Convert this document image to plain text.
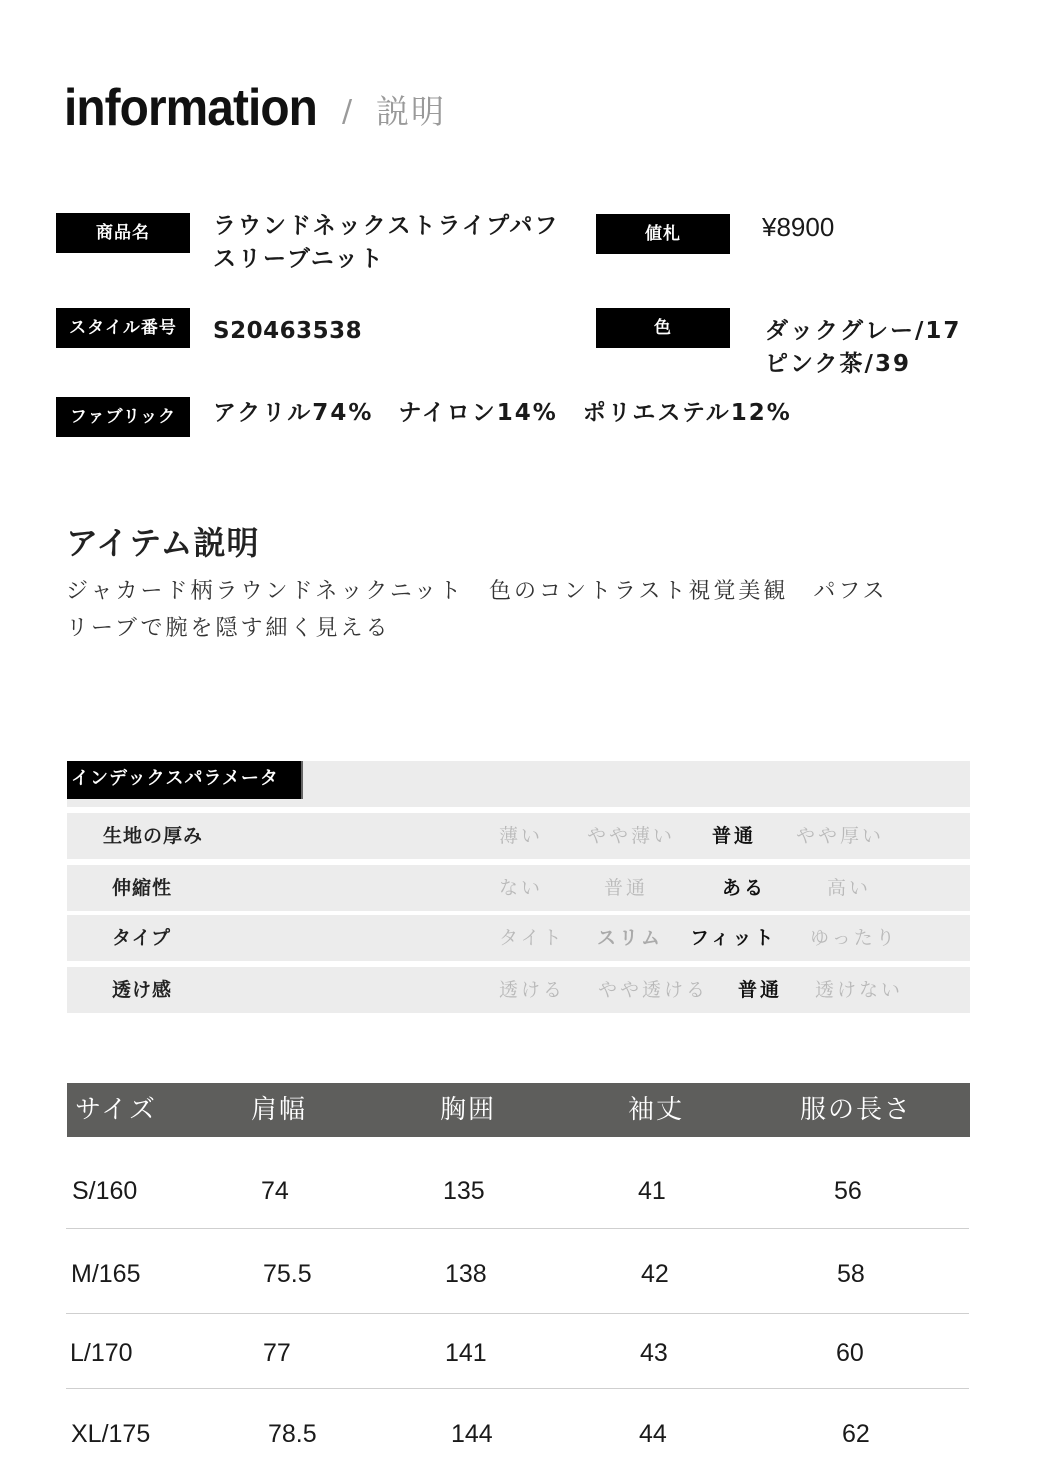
information / 説明
商品名	ラウンドネックストライプパフ
スリーブニット
値札	¥8900
スタイル番号	S20463538	色	ダックグレー/17
ピンク茶/39
ファブリック	アクリル74%　ナイロン14%　ポリエステル12%
アイテム説明
ジャカード柄ラウンドネックニット　色のコントラスト視覚美観　パフス
リーブで腕を隠す細く見える
インデックスパラメータ
生地の厚み	薄い やや薄い 普通 やや厚い
伸縮性	ない	普通	ある	高い
タイプ	タイト スリム フィット ゆったり
透け感	透ける やや透ける 普通 透けない
サイズ	肩幅	胸囲	袖丈	服の長さ
S/160	74	135	41	56
M/165	75.5	138	42	58
L/170	77	141	43	60
XL/175	78.5	144	44	62
